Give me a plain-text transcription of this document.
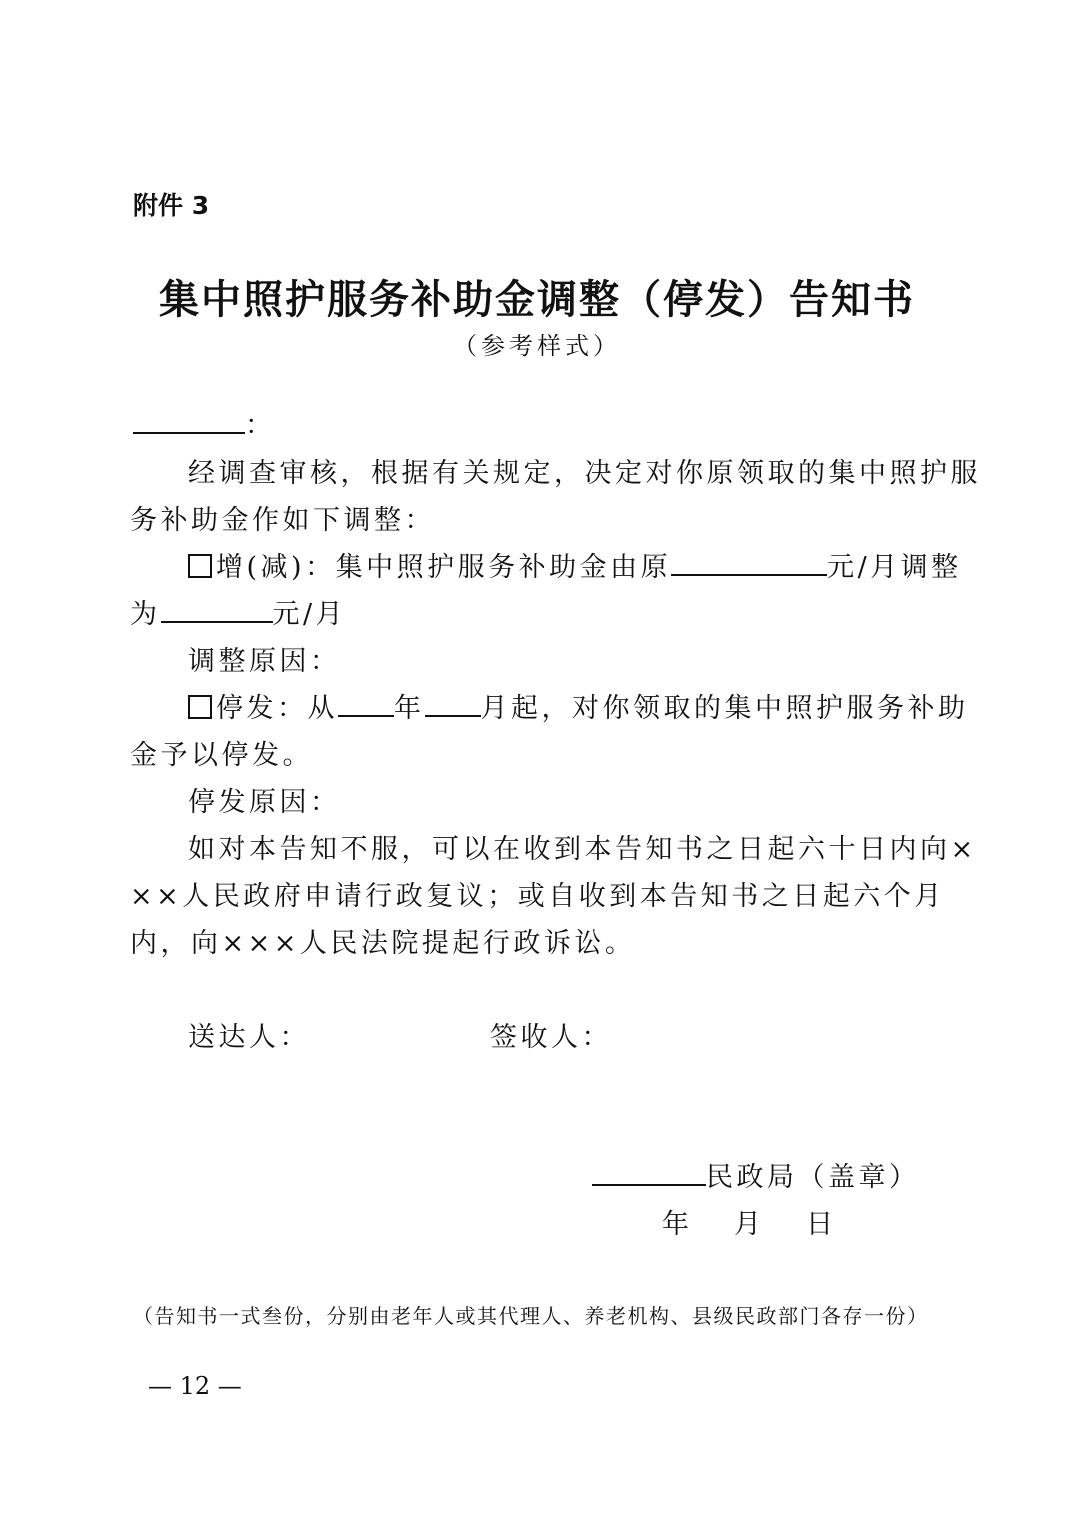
附件 3
集中照护服务补助金调整（停发）告知书
（参考样式）
：
经调查审核，根据有关规定，决定对你原领取的集中照护服
务补助金作如下调整：
增(减)：集中照护服务补助金由原	元/月调整
为	元/月
调整原因：
停发：从 年 月起，对你领取的集中照护服务补助
金予以停发。
停发原因：
如对本告知不服，可以在收到本告知书之日起六十日内向×
××人民政府申请行政复议；或自收到本告知书之日起六个月
内，向×××人民法院提起行政诉讼。
送达人：	签收人：
民政局（盖章）
年 月 日
（告知书一式叁份，分别由老年人或其代理人、养老机构、县级民政部门各存一份）
— 12 —
